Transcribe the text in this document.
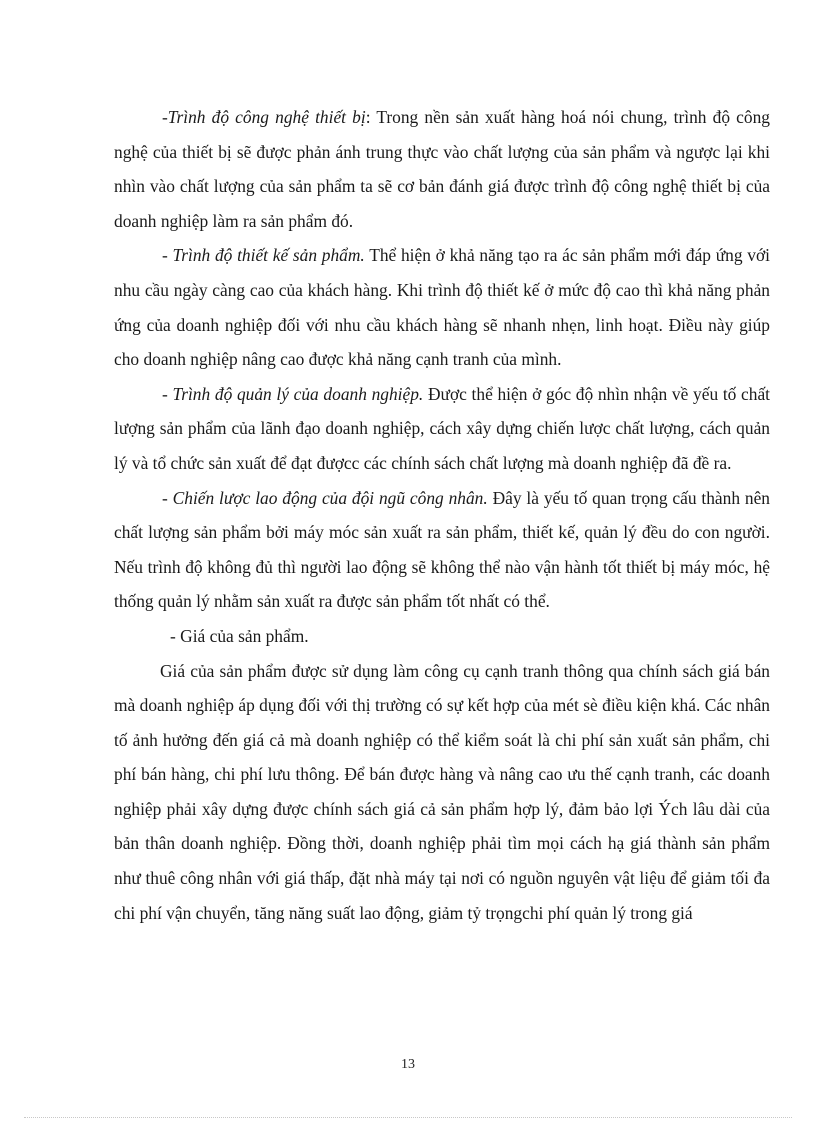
-Trình độ công nghệ thiết bị: Trong nền sản xuất hàng hoá nói chung, trình độ công nghệ của thiết bị sẽ được phản ánh trung thực vào chất lượng của sản phẩm và ngược lại khi nhìn vào chất lượng của sản phẩm ta sẽ cơ bản đánh giá được trình độ công nghệ thiết bị của doanh nghiệp làm ra sản phẩm đó.

- Trình độ thiết kế sản phẩm. Thể hiện ở khả năng tạo ra ác sản phẩm mới đáp ứng với nhu cầu ngày càng cao của khách hàng. Khi trình độ thiết kế ở mức độ cao thì khả năng phản ứng của doanh nghiệp đối với nhu cầu khách hàng sẽ nhanh nhẹn, linh hoạt. Điều này giúp cho doanh nghiệp nâng cao được khả năng cạnh tranh của mình.

- Trình độ quản lý của doanh nghiệp. Được thể hiện ở góc độ nhìn nhận về yếu tố chất lượng sản phẩm của lãnh đạo doanh nghiệp, cách xây dựng chiến lược chất lượng, cách quản lý và tổ chức sản xuất để đạt đượcc các chính sách chất lượng mà doanh nghiệp đã đề ra.

- Chiến lược lao động của đội ngũ công nhân. Đây là yếu tố quan trọng cấu thành nên chất lượng sản phẩm bởi máy móc sản xuất ra sản phẩm, thiết kế, quản lý đều do con người. Nếu trình độ không đủ thì người lao động sẽ không thể nào vận hành tốt thiết bị máy móc, hệ thống quản lý nhằm sản xuất ra được sản phẩm tốt nhất có thể.

- Giá của sản phẩm.

Giá của sản phẩm được sử dụng làm công cụ cạnh tranh thông qua chính sách giá bán mà doanh nghiệp áp dụng đối với thị trường có sự kết hợp của mét sè điều kiện khá. Các nhân tố ảnh hưởng đến giá cả mà doanh nghiệp có thể kiểm soát là chi phí sản xuất sản phẩm, chi phí bán hàng, chi phí lưu thông. Để bán được hàng và nâng cao ưu thế cạnh tranh, các doanh nghiệp phải xây dựng được chính sách giá cả sản phẩm hợp lý, đảm bảo lợi Ých lâu dài của bản thân doanh nghiệp. Đồng thời, doanh nghiệp phải tìm mọi cách hạ giá thành sản phẩm như thuê công nhân với giá thấp, đặt nhà máy tại nơi có nguồn nguyên vật liệu để giảm tối đa chi phí vận chuyển, tăng năng suất lao động, giảm tỷ trọngchi phí quản lý trong giá

13
